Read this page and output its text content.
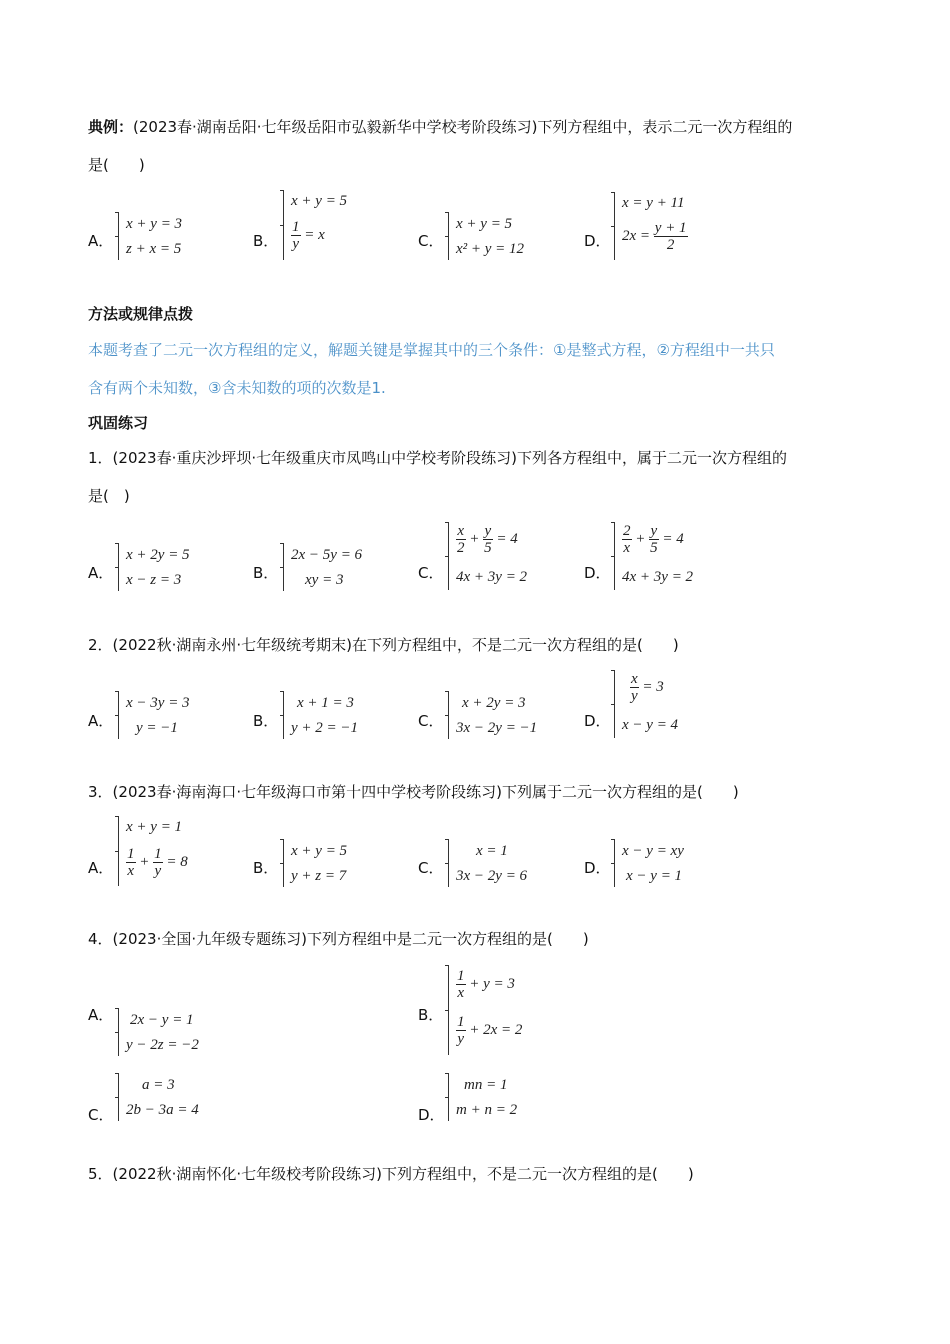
典例：(2023春·湖南岳阳·七年级岳阳市弘毅新华中学校考阶段练习)下列方程组中，表示二元一次方程组的
是(　　)
A．
x + y = 3
z + x = 5	B．
x + y = 5
$\frac{1}{y} = x$	C．
x + y = 5
x² + y = 12	D．
x = y + 11
$2x = \frac{y + 1}{2}$
方法或规律点拨
本题考查了二元一次方程组的定义，解题关键是掌握其中的三个条件：①是整式方程，②方程组中一共只
含有两个未知数，③含未知数的项的次数是1.
巩固练习
1．(2023春·重庆沙坪坝·七年级重庆市凤鸣山中学校考阶段练习)下列各方程组中，属于二元一次方程组的
是(　)
A．
x + 2y = 5
x − z = 3	B．
2x − 5y = 6
xy = 3	C．
$\frac{x}{2} + \frac{y}{5} = 4$
4x + 3y = 2	D．
$\frac{2}{x} + \frac{y}{5} = 4$
4x + 3y = 2
2．(2022秋·湖南永州·七年级统考期末)在下列方程组中，不是二元一次方程组的是(　　)
A．
x − 3y = 3
y = −1	B．
x + 1 = 3
y + 2 = −1	C．
x + 2y = 3
3x − 2y = −1	D．
$\frac{x}{y} = 3$
x − y = 4
3．(2023春·海南海口·七年级海口市第十四中学校考阶段练习)下列属于二元一次方程组的是(　　)
A．
x + y = 1
$\frac{1}{x} + \frac{1}{y} = 8$	B．
x + y = 5
y + z = 7	C．
x = 1
3x − 2y = 6	D．
x − y = xy
x − y = 1
4．(2023·全国·九年级专题练习)下列方程组中是二元一次方程组的是(　　)
A． 2x − y = 1
y − 2z = −2
B．
$\frac{1}{x} + y = 3$
$\frac{1}{y} + 2x = 2$
C．
a = 3
2b − 3a = 4	D．
mn = 1
m + n = 2
5．(2022秋·湖南怀化·七年级校考阶段练习)下列方程组中，不是二元一次方程组的是(　　)
